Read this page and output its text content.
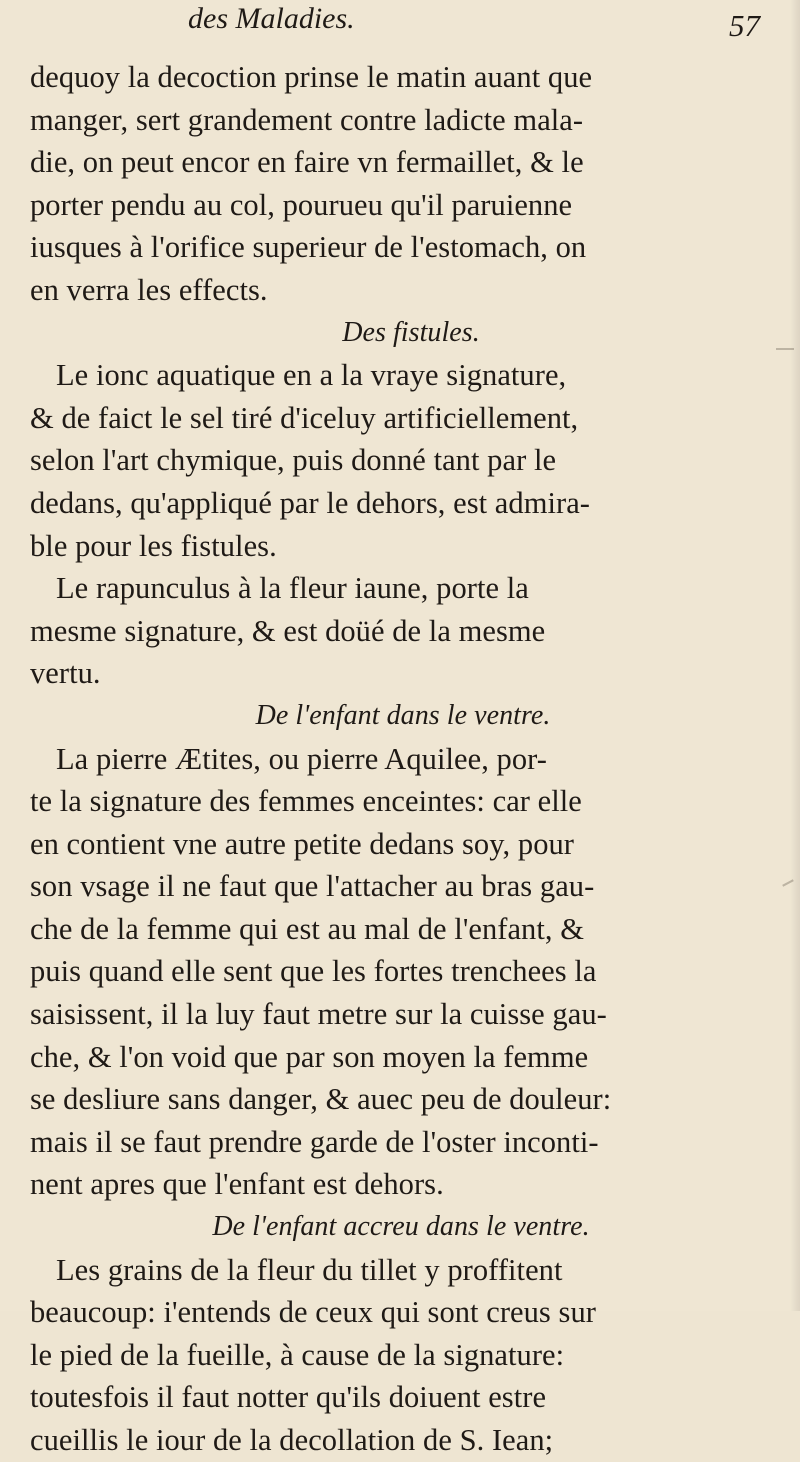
des Maladies.	57
dequoy la decoction prinse le matin auant que
manger, sert grandement contre ladicte mala-
die, on peut encor en faire vn fermaillet, & le
porter pendu au col, pourueu qu'il paruienne
iusques à l'orifice superieur de l'estomach, on
en verra les effects.
Des fistules.
Le ionc aquatique en a la vraye signature,
& de faict le sel tiré d'iceluy artificiellement,
selon l'art chymique, puis donné tant par le
dedans, qu'appliqué par le dehors, est admira-
ble pour les fistules.
Le rapunculus à la fleur iaune, porte la
mesme signature, & est doüé de la mesme
vertu.
De l'enfant dans le ventre.
La pierre Ætites, ou pierre Aquilee, por-
te la signature des femmes enceintes: car elle
en contient vne autre petite dedans soy, pour
son vsage il ne faut que l'attacher au bras gau-
che de la femme qui est au mal de l'enfant, &
puis quand elle sent que les fortes trenchees la
saisissent, il la luy faut metre sur la cuisse gau-
che, & l'on void que par son moyen la femme
se desliure sans danger, & auec peu de douleur:
mais il se faut prendre garde de l'oster inconti-
nent apres que l'enfant est dehors.
De l'enfant accreu dans le ventre.
Les grains de la fleur du tillet y proffitent
beaucoup: i'entends de ceux qui sont creus sur
le pied de la fueille, à cause de la signature:
toutesfois il faut notter qu'ils doiuent estre
cueillis le iour de la decollation de S. Iean;
